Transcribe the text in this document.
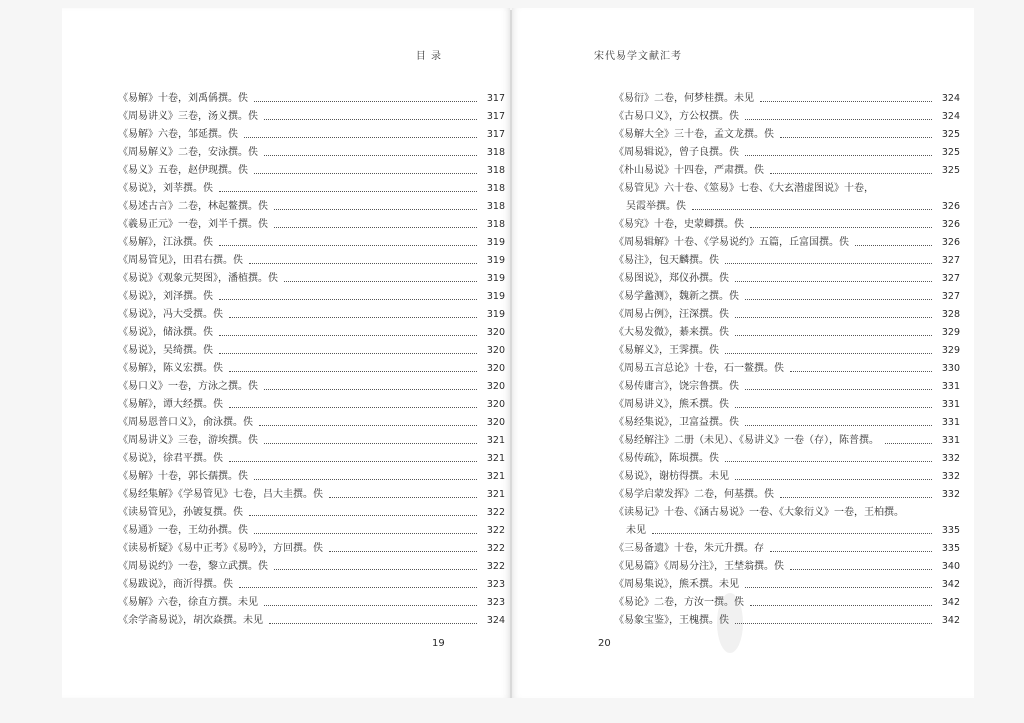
目 录
《易解》十卷，刘禹偁撰。佚	317
《周易讲义》三卷，汤义撰。佚	317
《易解》六卷，邹延撰。佚	317
《周易解义》二卷，安泳撰。佚	318
《易义》五卷，赵伊现撰。佚	318
《易说》，刘莘撰。佚	318
《易述古言》二卷，林起鳌撰。佚	318
《羲易正元》一卷，刘半千撰。佚	318
《易解》，江泳撰。佚	319
《周易管见》，田君右撰。佚	319
《易说》《观象元契图》，潘植撰。佚	319
《易说》，刘泽撰。佚	319
《易说》，冯大受撰。佚	319
《易说》，储泳撰。佚	320
《易说》，吴绮撰。佚	320
《易解》，陈义宏撰。佚	320
《易口义》一卷，方泳之撰。佚	320
《易解》，谭大经撰。佚	320
《周易恩普口义》，俞泳撰。佚	320
《周易讲义》三卷，游埃撰。佚	321
《易说》，徐君平撰。佚	321
《易解》十卷，郭长孺撰。佚	321
《易经集解》《学易管见》七卷，吕大圭撰。佚	321
《读易管见》，孙镀复撰。佚	322
《易通》一卷，王幼孙撰。佚	322
《读易析疑》《易中正考》《易吟》，方回撰。佚	322
《周易说约》一卷，黎立武撰。佚	322
《易跋说》，商沂得撰。佚	323
《易解》六卷，徐直方撰。未见	323
《余学斋易说》，胡次焱撰。未见	324
19
宋代易学文献汇考
《易衍》二卷，何梦桂撰。未见	324
《古易口义》，方公权撰。佚	324
《易解大全》三十卷，孟文龙撰。佚	325
《周易辑说》，曾子良撰。佚	325
《朴山易说》十四卷，严肃撰。佚	325
《易管见》六十卷、《筮易》七卷、《大玄潜虚图说》十卷，
吴霞举撰。佚	326
《易究》十卷，史蒙卿撰。佚	326
《周易辑解》十卷、《学易说约》五篇，丘富国撰。佚	326
《易注》，包天麟撰。佚	327
《易图说》，郑仪孙撰。佚	327
《易学蠡测》，魏新之撰。佚	327
《周易占例》，汪深撰。佚	328
《大易发微》，綦来撰。佚	329
《易解义》，王霁撰。佚	329
《周易五言总论》十卷，石一鳌撰。佚	330
《易传庸言》，饶宗鲁撰。佚	331
《周易讲义》，熊禾撰。佚	331
《易经集说》，卫富益撰。佚	331
《易经解注》二册（未见）、《易讲义》一卷（存），陈普撰。	331
《易传疏》，陈埙撰。佚	332
《易说》，谢枋得撰。未见	332
《易学启蒙发挥》二卷，何基撰。佚	332
《读易记》十卷、《涵古易说》一卷、《大象衍义》一卷，王柏撰。
未见	335
《三易备遗》十卷，朱元升撰。存	335
《见易篇》《周易分注》，王埜翁撰。佚	340
《周易集说》，熊禾撰。未见	342
《易论》二卷，方汝一撰。佚	342
《易象宝鉴》，王槐撰。佚	342
20
